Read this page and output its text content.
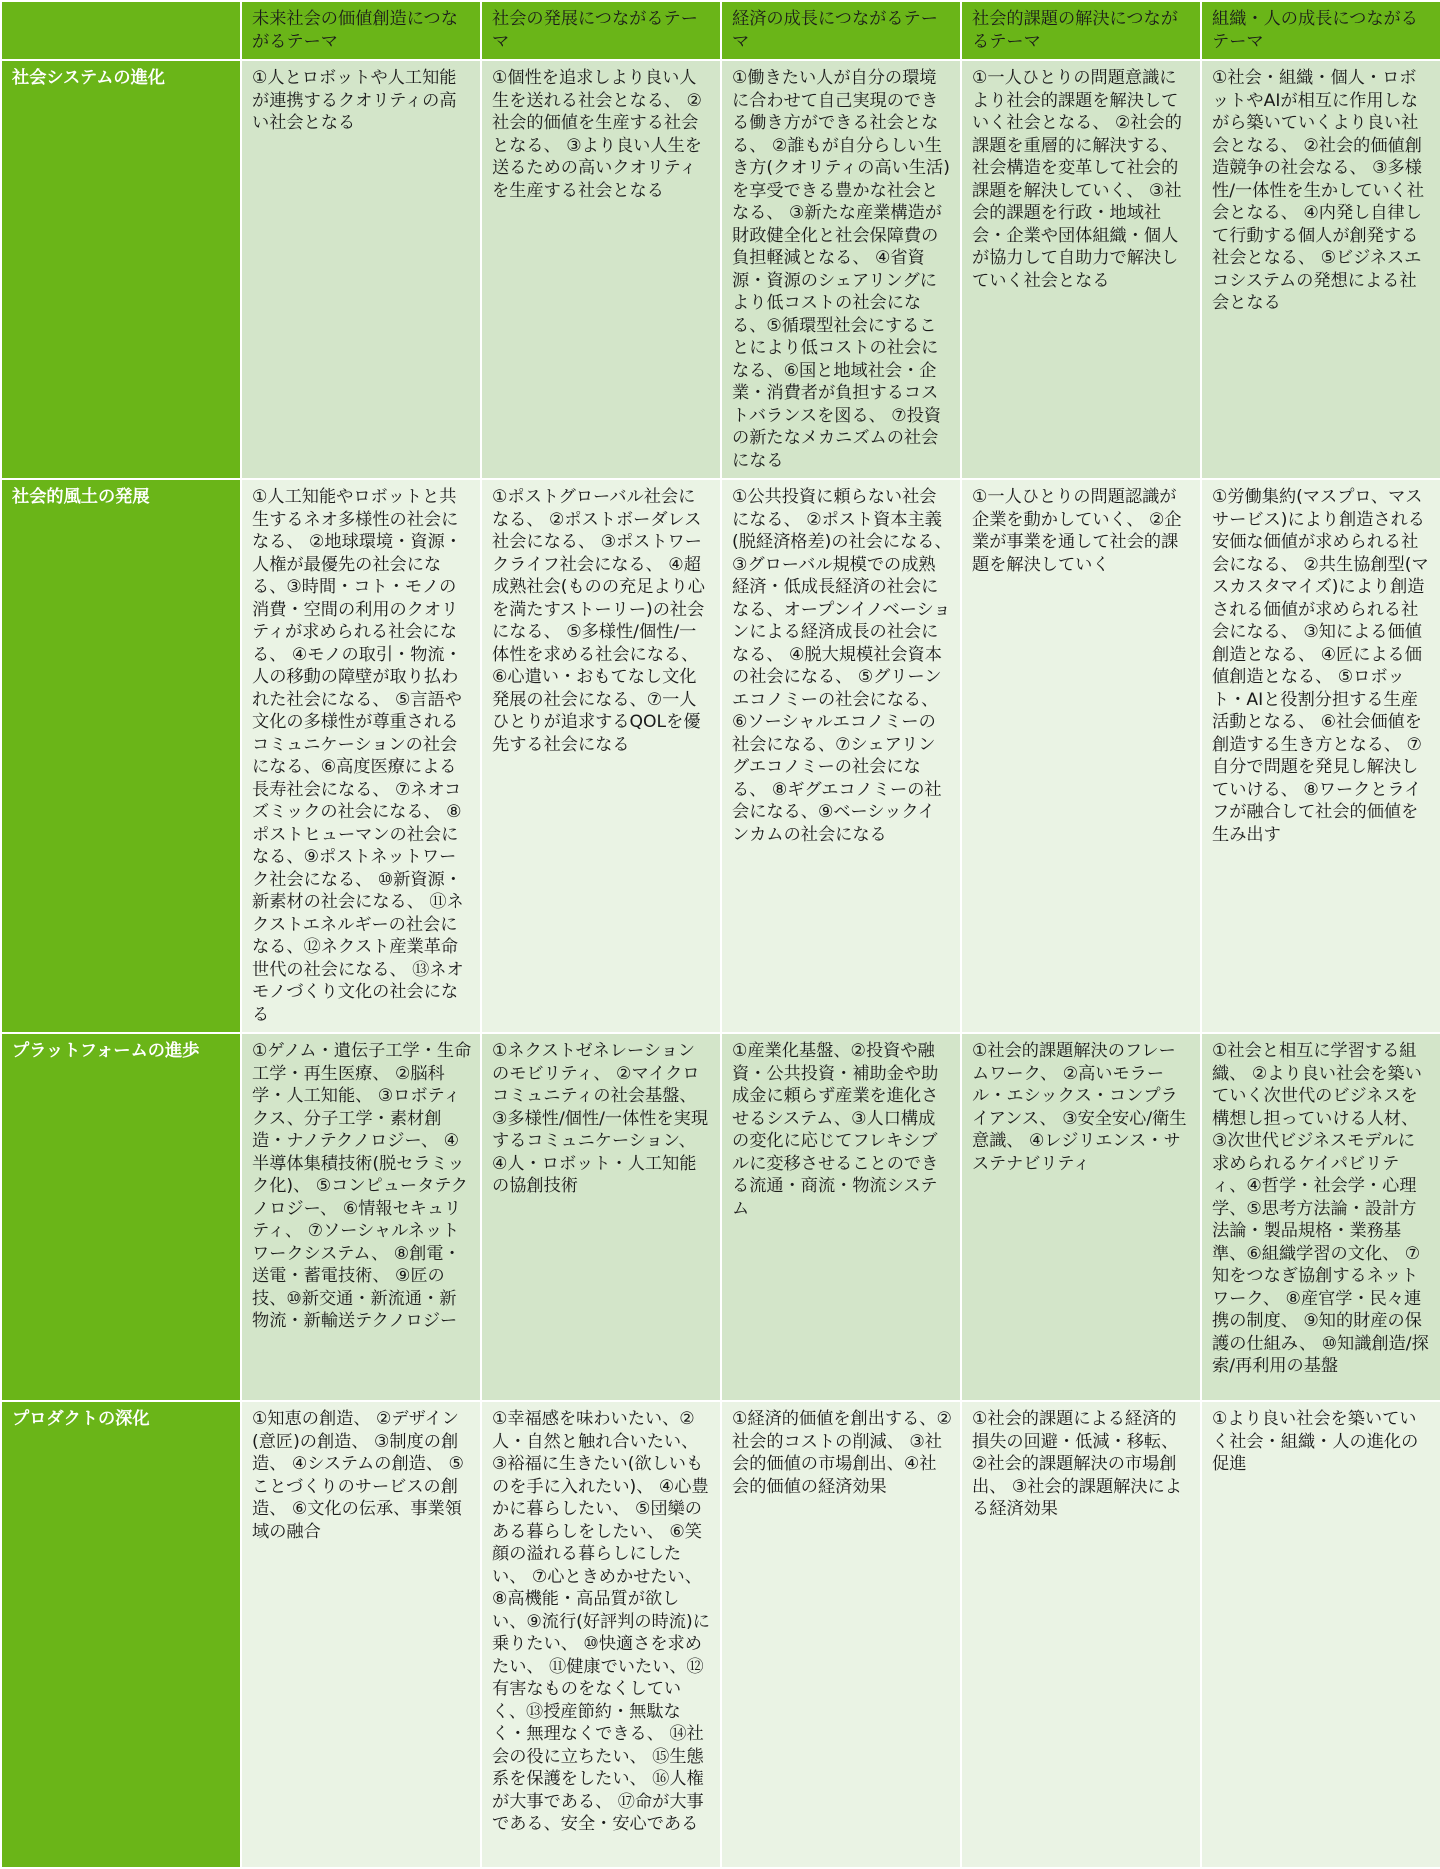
	未来社会の価値創造につながるテーマ	社会の発展につながるテーマ	経済の成長につながるテーマ	社会的課題の解決につながるテーマ	組織・人の成長につながるテーマ
社会システムの進化	①人とロボットや人工知能が連携するクオリティの高い社会となる	①個性を追求しより良い人生を送れる社会となる、 ②社会的価値を生産する社会となる、 ③より良い人生を送るための高いクオリティを生産する社会となる	①働きたい人が自分の環境に合わせて自己実現のできる働き方ができる社会となる、 ②誰もが自分らしい生き方(クオリティの高い生活)を享受できる豊かな社会となる、 ③新たな産業構造が財政健全化と社会保障費の負担軽減となる、 ④省資源・資源のシェアリングにより低コストの社会になる、⑤循環型社会にすることにより低コストの社会になる、⑥国と地域社会・企業・消費者が負担するコストバランスを図る、 ⑦投資の新たなメカニズムの社会になる	①一人ひとりの問題意識により社会的課題を解決していく社会となる、 ②社会的課題を重層的に解決する、社会構造を変革して社会的課題を解決していく、 ③社会的課題を行政・地域社会・企業や団体組織・個人が協力して自助力で解決していく社会となる	①社会・組織・個人・ロボットやAIが相互に作用しながら築いていくより良い社会となる、 ②社会的価値創造競争の社会なる、 ③多様性/一体性を生かしていく社会となる、 ④内発し自律して行動する個人が創発する社会となる、 ⑤ビジネスエコシステムの発想による社会となる
社会的風土の発展	①人工知能やロボットと共生するネオ多様性の社会になる、 ②地球環境・資源・人権が最優先の社会になる、③時間・コト・モノの消費・空間の利用のクオリティが求められる社会になる、 ④モノの取引・物流・人の移動の障壁が取り払われた社会になる、 ⑤言語や文化の多様性が尊重されるコミュニケーションの社会になる、⑥高度医療による長寿社会になる、 ⑦ネオコズミックの社会になる、 ⑧ポストヒューマンの社会になる、⑨ポストネットワーク社会になる、 ⑩新資源・新素材の社会になる、 ⑪ネクストエネルギーの社会になる、⑫ネクスト産業革命世代の社会になる、 ⑬ネオモノづくり文化の社会になる	①ポストグローバル社会になる、 ②ポストボーダレス社会になる、 ③ポストワークライフ社会になる、 ④超成熟社会(ものの充足より心を満たすストーリー)の社会になる、 ⑤多様性/個性/一体性を求める社会になる、 ⑥心遣い・おもてなし文化発展の社会になる、⑦一人ひとりが追求するQOLを優先する社会になる	①公共投資に頼らない社会になる、 ②ポスト資本主義(脱経済格差)の社会になる、③グローバル規模での成熟経済・低成長経済の社会になる、オープンイノベーションによる経済成長の社会になる、 ④脱大規模社会資本の社会になる、 ⑤グリーンエコノミーの社会になる、⑥ソーシャルエコノミーの社会になる、⑦シェアリングエコノミーの社会になる、 ⑧ギグエコノミーの社会になる、⑨ベーシックインカムの社会になる	①一人ひとりの問題認識が企業を動かしていく、 ②企業が事業を通して社会的課題を解決していく	①労働集約(マスプロ、マスサービス)により創造される安価な価値が求められる社会になる、 ②共生協創型(マスカスタマイズ)により創造される価値が求められる社会になる、 ③知による価値創造となる、 ④匠による価値創造となる、 ⑤ロボット・AIと役割分担する生産活動となる、 ⑥社会価値を創造する生き方となる、 ⑦自分で問題を発見し解決していける、 ⑧ワークとライフが融合して社会的価値を生み出す
プラットフォームの進歩	①ゲノム・遺伝子工学・生命工学・再生医療、 ②脳科学・人工知能、 ③ロボティクス、分子工学・素材創造・ナノテクノロジー、 ④半導体集積技術(脱セラミック化)、 ⑤コンピュータテクノロジー、 ⑥情報セキュリティ、 ⑦ソーシャルネットワークシステム、 ⑧創電・送電・蓄電技術、 ⑨匠の技、⑩新交通・新流通・新物流・新輸送テクノロジー	①ネクストゼネレーションのモビリティ、 ②マイクロコミュニティの社会基盤、 ③多様性/個性/一体性を実現するコミュニケーション、 ④人・ロボット・人工知能の協創技術	①産業化基盤、②投資や融資・公共投資・補助金や助成金に頼らず産業を進化させるシステム、③人口構成の変化に応じてフレキシブルに変移させることのできる流通・商流・物流システム	①社会的課題解決のフレームワーク、 ②高いモラール・エシックス・コンプライアンス、 ③安全安心/衛生意識、 ④レジリエンス・サステナビリティ	①社会と相互に学習する組織、 ②より良い社会を築いていく次世代のビジネスを構想し担っていける人材、③次世代ビジネスモデルに求められるケイパビリティ、④哲学・社会学・心理学、⑤思考方法論・設計方法論・製品規格・業務基準、⑥組織学習の文化、 ⑦知をつなぎ協創するネットワーク、 ⑧産官学・民々連携の制度、 ⑨知的財産の保護の仕組み、 ⑩知識創造/探索/再利用の基盤
プロダクトの深化	①知恵の創造、 ②デザイン(意匠)の創造、 ③制度の創造、 ④システムの創造、 ⑤ことづくりのサービスの創造、 ⑥文化の伝承、事業領域の融合	①幸福感を味わいたい、②人・自然と触れ合いたい、③裕福に生きたい(欲しいものを手に入れたい)、 ④心豊かに暮らしたい、 ⑤団欒のある暮らしをしたい、 ⑥笑顔の溢れる暮らしにしたい、 ⑦心ときめかせたい、⑧高機能・高品質が欲しい、⑨流行(好評判の時流)に乗りたい、 ⑩快適さを求めたい、 ⑪健康でいたい、⑫有害なものをなくしていく、⑬授産節約・無駄なく・無理なくできる、 ⑭社会の役に立ちたい、 ⑮生態系を保護をしたい、 ⑯人権が大事である、 ⑰命が大事である、安全・安心である	①経済的価値を創出する、②社会的コストの削減、 ③社会的価値の市場創出、④社会的価値の経済効果	①社会的課題による経済的損失の回避・低減・移転、②社会的課題解決の市場創出、 ③社会的課題解決による経済効果	①より良い社会を築いていく社会・組織・人の進化の促進
